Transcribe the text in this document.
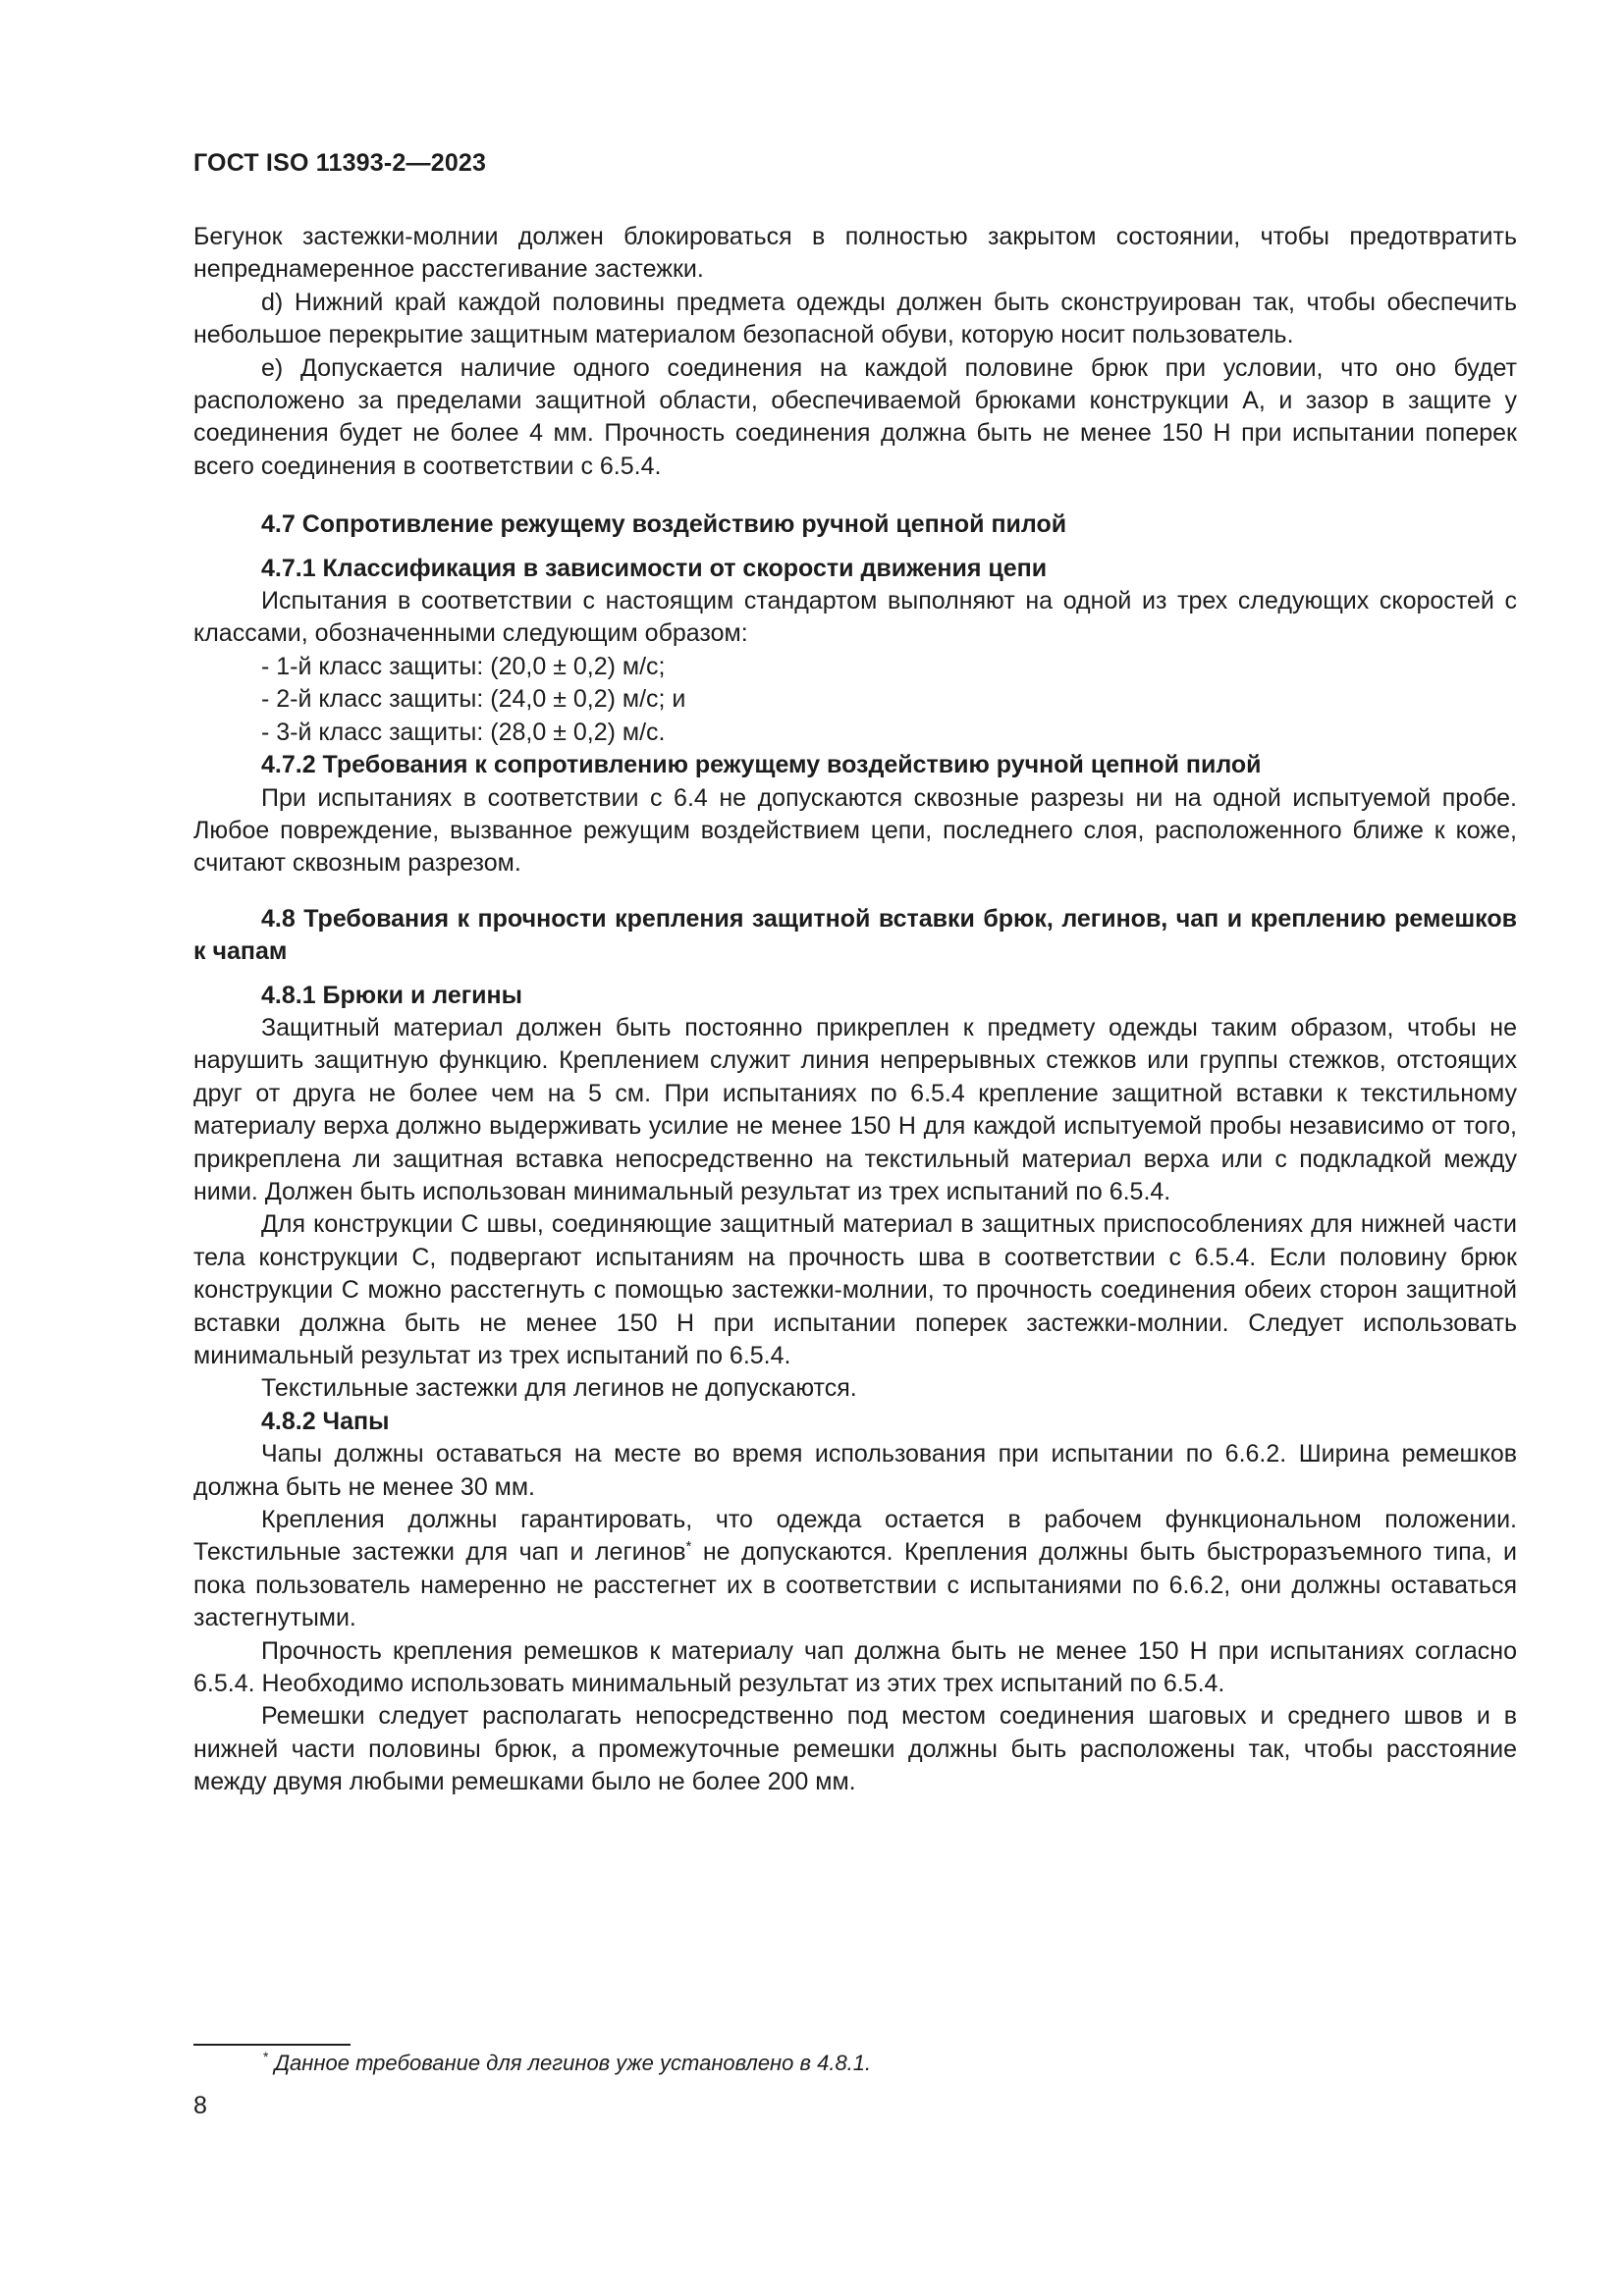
ГОСТ ISO 11393-2—2023

Бегунок застежки-молнии должен блокироваться в полностью закрытом состоянии, чтобы предотвратить непреднамеренное расстегивание застежки.

d) Нижний край каждой половины предмета одежды должен быть сконструирован так, чтобы обеспечить небольшое перекрытие защитным материалом безопасной обуви, которую носит пользователь.

е) Допускается наличие одного соединения на каждой половине брюк при условии, что оно будет расположено за пределами защитной области, обеспечиваемой брюками конструкции А, и зазор в защите у соединения будет не более 4 мм. Прочность соединения должна быть не менее 150 Н при испытании поперек всего соединения в соответствии с 6.5.4.

4.7 Сопротивление режущему воздействию ручной цепной пилой
4.7.1 Классификация в зависимости от скорости движения цепи

Испытания в соответствии с настоящим стандартом выполняют на одной из трех следующих скоростей с классами, обозначенными следующим образом:

- 1-й класс защиты: (20,0 ± 0,2) м/с;
- 2-й класс защиты: (24,0 ± 0,2) м/с; и
- 3-й класс защиты: (28,0 ± 0,2) м/с.
4.7.2 Требования к сопротивлению режущему воздействию ручной цепной пилой

При испытаниях в соответствии с 6.4 не допускаются сквозные разрезы ни на одной испытуемой пробе. Любое повреждение, вызванное режущим воздействием цепи, последнего слоя, расположенного ближе к коже, считают сквозным разрезом.

4.8 Требования к прочности крепления защитной вставки брюк, легинов, чап и креплению ремешков к чапам

4.8.1 Брюки и легины

Защитный материал должен быть постоянно прикреплен к предмету одежды таким образом, чтобы не нарушить защитную функцию. Креплением служит линия непрерывных стежков или группы стежков, отстоящих друг от друга не более чем на 5 см. При испытаниях по 6.5.4 крепление защитной вставки к текстильному материалу верха должно выдерживать усилие не менее 150 Н для каждой испытуемой пробы независимо от того, прикреплена ли защитная вставка непосредственно на текстильный материал верха или с подкладкой между ними. Должен быть использован минимальный результат из трех испытаний по 6.5.4.

Для конструкции С швы, соединяющие защитный материал в защитных приспособлениях для нижней части тела конструкции С, подвергают испытаниям на прочность шва в соответствии с 6.5.4. Если половину брюк конструкции С можно расстегнуть с помощью застежки-молнии, то прочность соединения обеих сторон защитной вставки должна быть не менее 150 Н при испытании поперек застежки-молнии. Следует использовать минимальный результат из трех испытаний по 6.5.4.

Текстильные застежки для легинов не допускаются.

4.8.2 Чапы

Чапы должны оставаться на месте во время использования при испытании по 6.6.2. Ширина ремешков должна быть не менее 30 мм.

Крепления должны гарантировать, что одежда остается в рабочем функциональном положении. Текстильные застежки для чап и легинов* не допускаются. Крепления должны быть быстроразъемного типа, и пока пользователь намеренно не расстегнет их в соответствии с испытаниями по 6.6.2, они должны оставаться застегнутыми.

Прочность крепления ремешков к материалу чап должна быть не менее 150 Н при испытаниях согласно 6.5.4. Необходимо использовать минимальный результат из этих трех испытаний по 6.5.4.

Ремешки следует располагать непосредственно под местом соединения шаговых и среднего швов и в нижней части половины брюк, а промежуточные ремешки должны быть расположены так, чтобы расстояние между двумя любыми ремешками было не более 200 мм.

* Данное требование для легинов уже установлено в 4.8.1.
8
